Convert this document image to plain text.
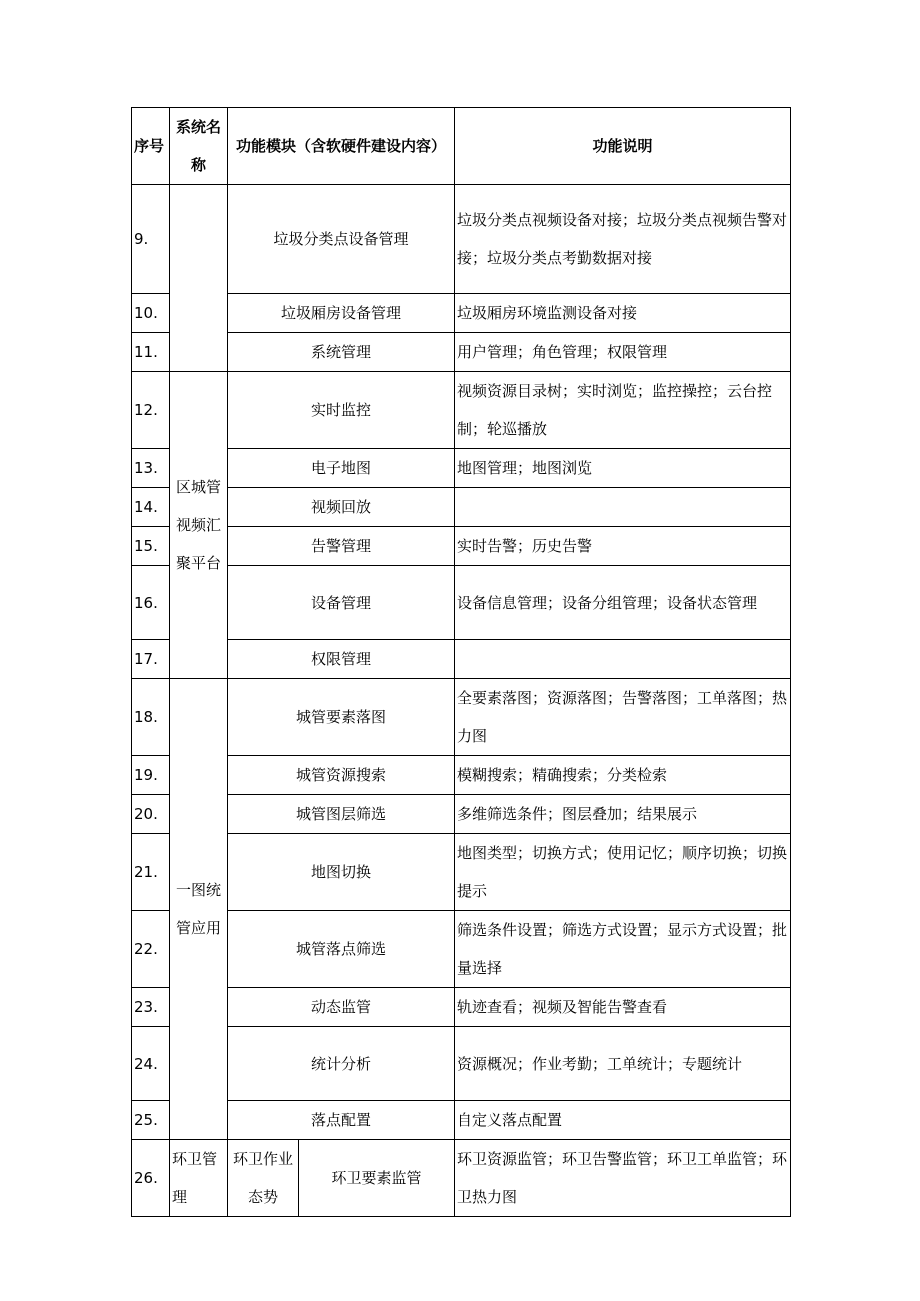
序号	系统名称	功能模块（含软硬件建设内容）		功能说明
9.		垃圾分类点设备管理		垃圾分类点视频设备对接；垃圾分类点视频告警对接；垃圾分类点考勤数据对接
10.		垃圾厢房设备管理		垃圾厢房环境监测设备对接
11.		系统管理		用户管理；角色管理；权限管理
12.	区城管视频汇聚平台	实时监控		视频资源目录树；实时浏览；监控操控；云台控制；轮巡播放
13.		电子地图		地图管理；地图浏览
14.		视频回放		
15.		告警管理		实时告警；历史告警
16.		设备管理		设备信息管理；设备分组管理；设备状态管理
17.		权限管理		
18.	一图统管应用	城管要素落图		全要素落图；资源落图；告警落图；工单落图；热力图
19.		城管资源搜索		模糊搜索；精确搜索；分类检索
20.		城管图层筛选		多维筛选条件；图层叠加；结果展示
21.		地图切换		地图类型；切换方式；使用记忆；顺序切换；切换提示
22.		城管落点筛选		筛选条件设置；筛选方式设置；显示方式设置；批量选择
23.		动态监管		轨迹查看；视频及智能告警查看
24.		统计分析		资源概况；作业考勤；工单统计；专题统计
25.		落点配置		自定义落点配置
26.	环卫管理	环卫作业态势	环卫要素监管	环卫资源监管；环卫告警监管；环卫工单监管；环卫热力图
